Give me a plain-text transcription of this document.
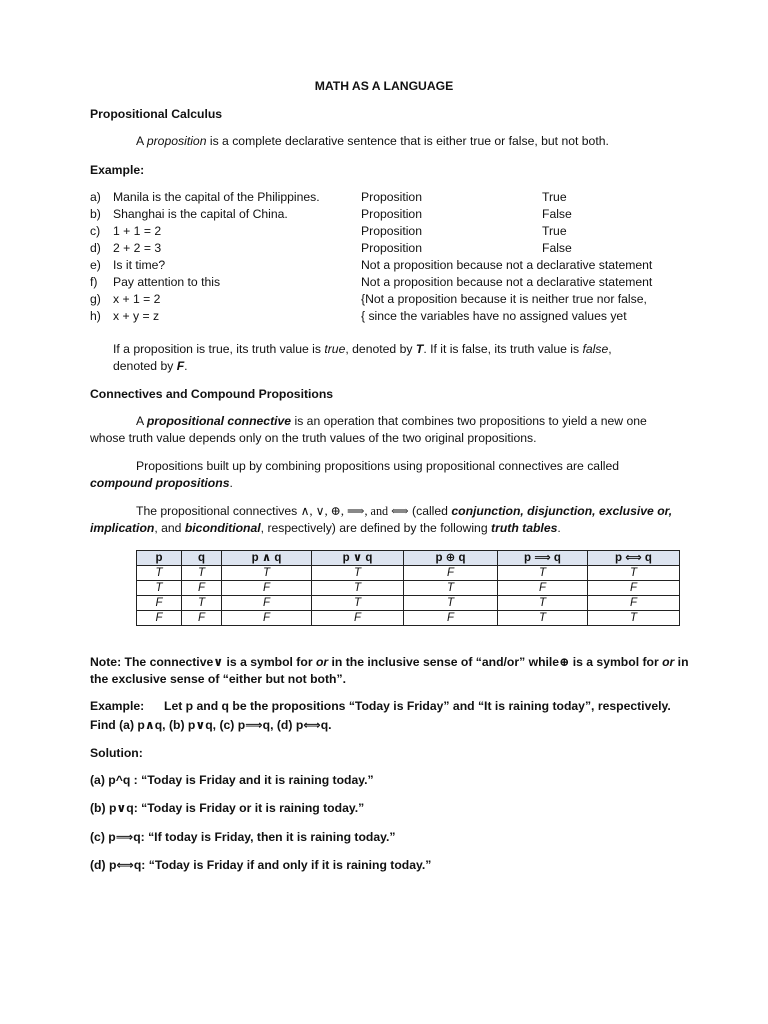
MATH AS A LANGUAGE
Propositional Calculus
A proposition is a complete declarative sentence that is either true or false, but not both.
Example:
a) Manila is the capital of the Philippines.	Proposition	True
b) Shanghai is the capital of China.	Proposition	False
c) 1 + 1 = 2	Proposition	True
d) 2 + 2 = 3	Proposition	False
e) Is it time?	Not a proposition because not a declarative statement
f) Pay attention to this	Not a proposition because not a declarative statement
g) x + 1 = 2	{Not a proposition because it is neither true nor false,
h) x + y = z	{ since the variables have no assigned values yet
If a proposition is true, its truth value is true, denoted by T. If it is false, its truth value is false,
denoted by F.
Connectives and Compound Propositions
A propositional connective is an operation that combines two propositions to yield a new one
whose truth value depends only on the truth values of the two original propositions.
Propositions built up by combining propositions using propositional connectives are called
compound propositions.
The propositional connectives ∧, ∨, ⊕, ⟹, and ⟺ (called conjunction, disjunction, exclusive or,
implication, and biconditional, respectively) are defined by the following truth tables.
p	q	p ∧ q	p ∨ q	p ⊕ q	p ⟹ q	p ⟺ q
T	T	T	T	F	T	T
T	F	F	T	T	F	F
F	T	F	T	T	T	F
F	F	F	F	F	T	T
Note: The connective∨ is a symbol for or in the inclusive sense of “and/or” while⊕ is a symbol for or in
the exclusive sense of “either but not both”.
Example: Let p and q be the propositions “Today is Friday” and “It is raining today”, respectively.
Find (a) p∧q, (b) p∨q, (c) p⟹q, (d) p⟺q.
Solution:
(a) p^q : “Today is Friday and it is raining today.”
(b) p∨q: “Today is Friday or it is raining today.”
(c) p⟹q: “If today is Friday, then it is raining today.”
(d) p⟺q: “Today is Friday if and only if it is raining today.”
